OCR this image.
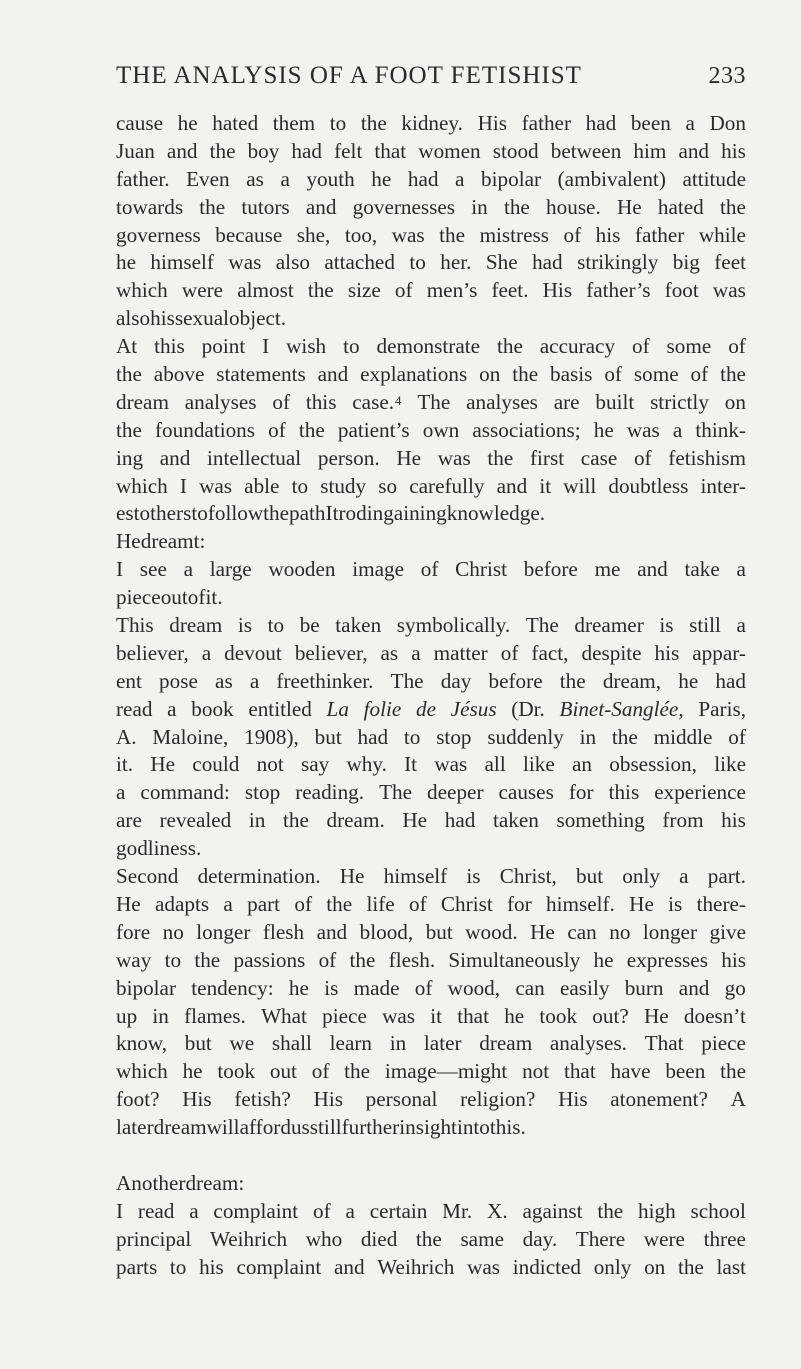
THE ANALYSIS OF A FOOT FETISHIST	233
cause he hated them to the kidney. His father had been a Don
Juan and the boy had felt that women stood between him and his
father. Even as a youth he had a bipolar (ambivalent) attitude
towards the tutors and governesses in the house. He hated the
governess because she, too, was the mistress of his father while
he himself was also attached to her. She had strikingly big feet
which were almost the size of men’s feet. His father’s foot was
also his sexual object.
At this point I wish to demonstrate the accuracy of some of
the above statements and explanations on the basis of some of the
dream analyses of this case.$^4$ The analyses are built strictly on
the foundations of the patient’s own associations; he was a think-
ing and intellectual person. He was the first case of fetishism
which I was able to study so carefully and it will doubtless inter-
est others to follow the path I trod in gaining knowledge.
He dreamt:
I see a large wooden image of Christ before me and take a
piece out of it.
This dream is to be taken symbolically. The dreamer is still a
believer, a devout believer, as a matter of fact, despite his appar-
ent pose as a freethinker. The day before the dream, he had
read a book entitled La folie de Jésus (Dr. Binet-Sanglée, Paris,
A. Maloine, 1908), but had to stop suddenly in the middle of
it. He could not say why. It was all like an obsession, like
a command: stop reading. The deeper causes for this experience
are revealed in the dream. He had taken something from his
godliness.
Second determination. He himself is Christ, but only a part.
He adapts a part of the life of Christ for himself. He is there-
fore no longer flesh and blood, but wood. He can no longer give
way to the passions of the flesh. Simultaneously he expresses his
bipolar tendency: he is made of wood, can easily burn and go
up in flames. What piece was it that he took out? He doesn’t
know, but we shall learn in later dream analyses. That piece
which he took out of the image—might not that have been the
foot? His fetish? His personal religion? His atonement? A
later dream will afford us still further insight into this.
Another dream:
I read a complaint of a certain Mr. X. against the high school
principal Weihrich who died the same day. There were three
parts to his complaint and Weihrich was indicted only on the last
